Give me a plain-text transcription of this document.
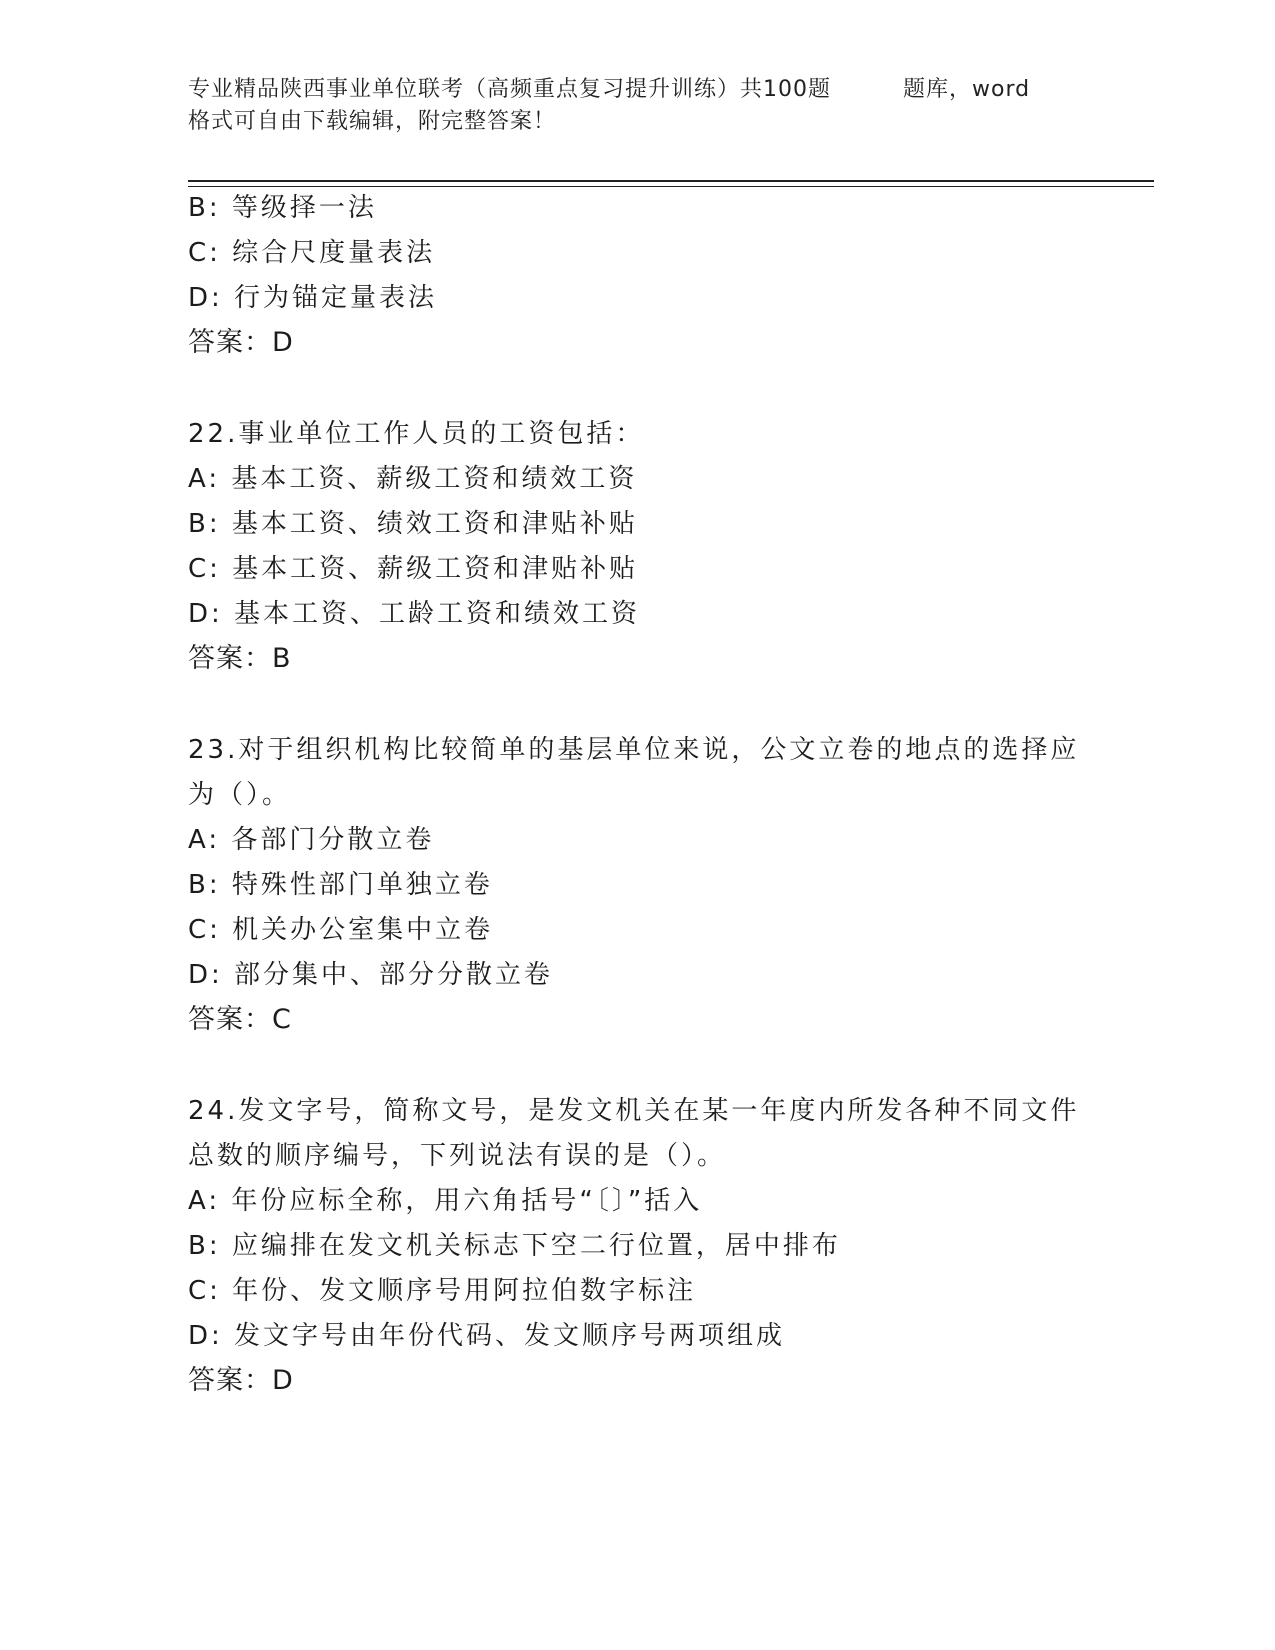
专业精品陕西事业单位联考（高频重点复习提升训练）共100题	题库，word
格式可自由下载编辑，附完整答案！
B: 等级择一法
C: 综合尺度量表法
D: 行为锚定量表法
答案：D
22.事业单位工作人员的工资包括：
A: 基本工资、薪级工资和绩效工资
B: 基本工资、绩效工资和津贴补贴
C: 基本工资、薪级工资和津贴补贴
D: 基本工资、工龄工资和绩效工资
答案：B
23.对于组织机构比较简单的基层单位来说，公文立卷的地点的选择应
为（）。
A: 各部门分散立卷
B: 特殊性部门单独立卷
C: 机关办公室集中立卷
D: 部分集中、部分分散立卷
答案：C
24.发文字号，简称文号，是发文机关在某一年度内所发各种不同文件
总数的顺序编号，下列说法有误的是（）。
A: 年份应标全称，用六角括号“〔〕”括入
B: 应编排在发文机关标志下空二行位置，居中排布
C: 年份、发文顺序号用阿拉伯数字标注
D: 发文字号由年份代码、发文顺序号两项组成
答案：D
